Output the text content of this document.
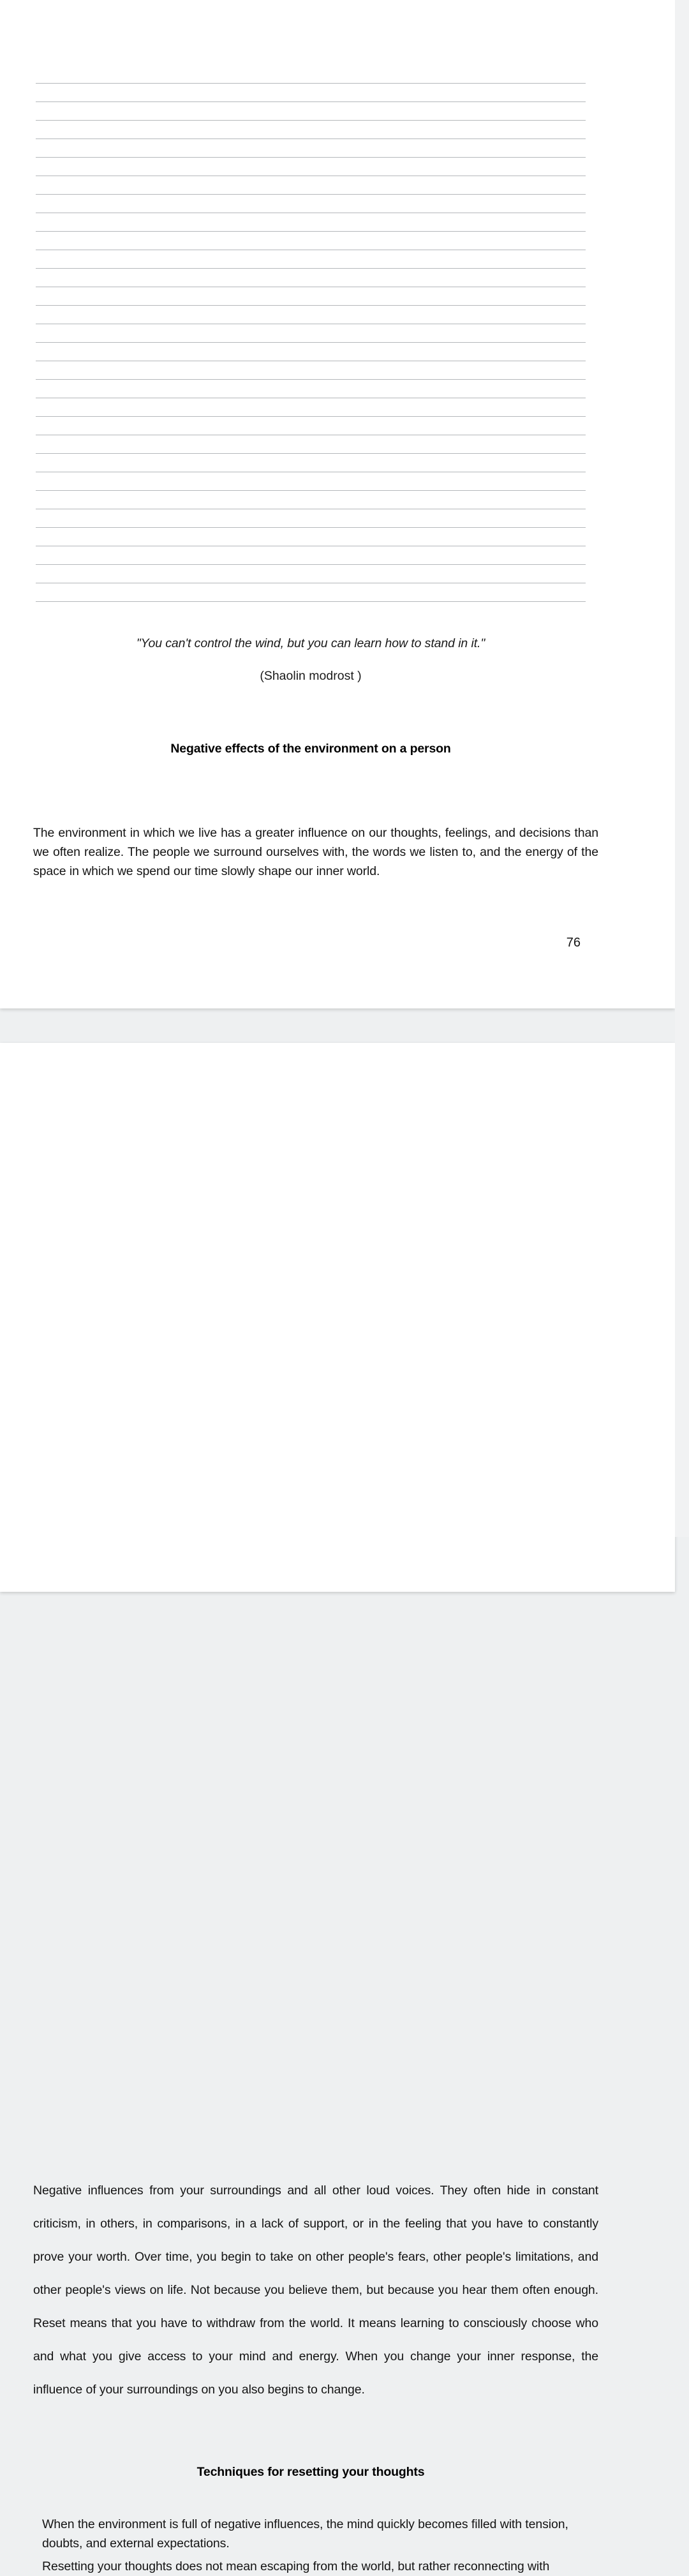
"You can't control the wind, but you can learn how to stand in it."
(Shaolin modrost )
Negative effects of the environment on a person
The environment in which we live has a greater influence on our thoughts, feelings, and decisions than we often realize. The people we surround ourselves with, the words we listen to, and the energy of the space in which we spend our time slowly shape our inner world.
76
Negative influences from your surroundings and all other loud voices. They often hide in constant criticism, in others, in comparisons, in a lack of support, or in the feeling that you have to constantly prove your worth. Over time, you begin to take on other people's fears, other people's limitations, and other people's views on life. Not because you believe them, but because you hear them often enough. Reset means that you have to withdraw from the world. It means learning to consciously choose who and what you give access to your mind and energy. When you change your inner response, the influence of your surroundings on you also begins to change.
Techniques for resetting your thoughts
When the environment is full of negative influences, the mind quickly becomes filled with tension, doubts, and external expectations.
Resetting your thoughts does not mean escaping from the world, but rather reconnecting with
